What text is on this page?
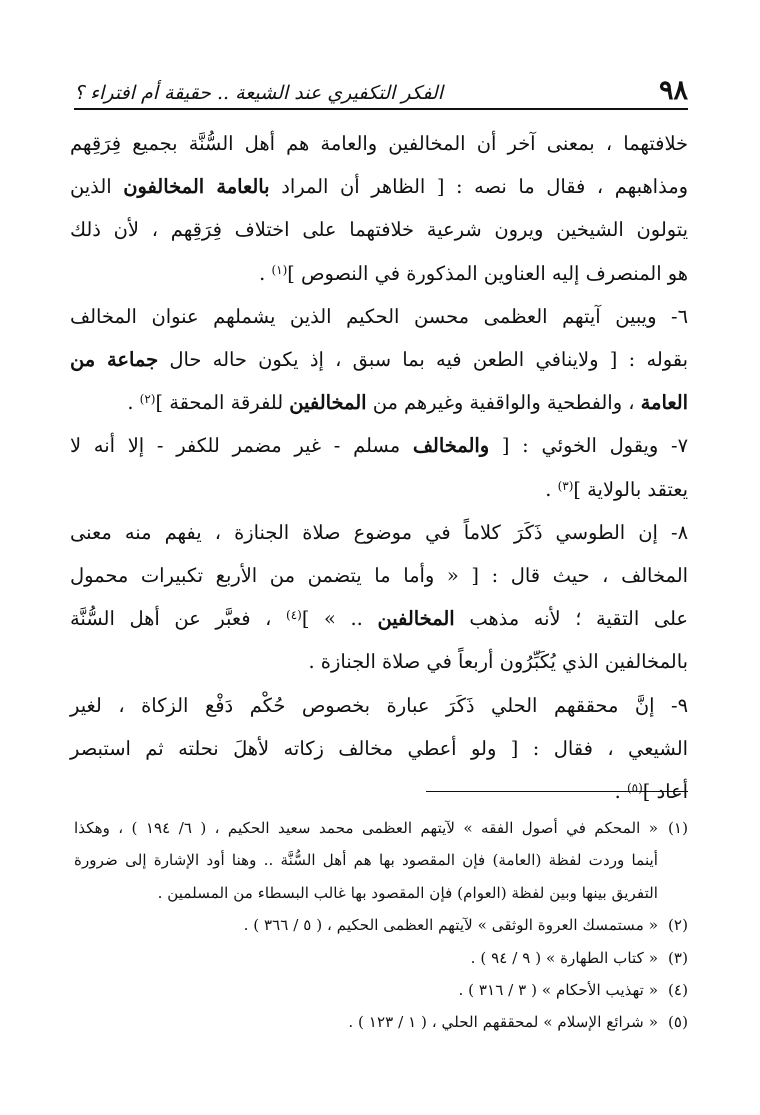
٩٨
الفكر التكفيري عند الشيعة .. حقيقة أم افتراء ؟
خلافتهما ، بمعنى آخر أن المخالفين والعامة هم أهل السُّنَّة بجميع فِرَقِهم
ومذاهبهم ، فقال ما نصه : [ الظاهر أن المراد بالعامة المخالفون الذين
يتولون الشيخين ويرون شرعية خلافتهما على اختلاف فِرَقِهم ، لأن ذلك
هو المنصرف إليه العناوين المذكورة في النصوص ]$^{(١)}$ .
٦- ويبين آيتهم العظمى محسن الحكيم الذين يشملهم عنوان المخالف
بقوله : [ ولاينافي الطعن فيه بما سبق ، إذ يكون حاله حال جماعة من
العامة ، والفطحية والواقفية وغيرهم من المخالفين للفرقة المحقة ]$^{(٢)}$ .
٧- ويقول الخوئي : [ والمخالف مسلم - غير مضمر للكفر - إلا أنه لا
يعتقد بالولاية ]$^{(٣)}$ .
٨- إن الطوسي ذَكَرَ كلاماً في موضوع صلاة الجنازة ، يفهم منه معنى
المخالف ، حيث قال : [ « وأما ما يتضمن من الأربع تكبيرات محمول
على التقية ؛ لأنه مذهب المخالفين .. » ]$^{(٤)}$ ، فعبَّر عن أهل السُّنَّة
بالمخالفين الذي يُكَبِّرُون أربعاً في صلاة الجنازة .
٩- إنَّ محققهم الحلي ذَكَرَ عبارة بخصوص حُكْم دَفْع الزكاة ، لغير
الشيعي ، فقال : [ ولو أعطي مخالف زكاته لأهلَ نحلته ثم استبصر
أعاد ]$^{(٥)}$ .
(١)
« المحكم في أصول الفقه » لآيتهم العظمى محمد سعيد الحكيم ، ( ٦/ ١٩٤ ) ، وهكذا
أينما وردت لفظة (العامة) فإن المقصود بها هم أهل السُّنَّة .. وهنا أود الإشارة إلى ضرورة
التفريق بينها وبين لفظة (العوام) فإن المقصود بها غالب البسطاء من المسلمين .
(٢)
« مستمسك العروة الوثقى » لآيتهم العظمى الحكيم ، ( ٥ / ٣٦٦ ) .
(٣)
« كتاب الطهارة » ( ٩ / ٩٤ ) .
(٤)
« تهذيب الأحكام » ( ٣ / ٣١٦ ) .
(٥)
« شرائع الإسلام » لمحققهم الحلي ، ( ١ / ١٢٣ ) .
